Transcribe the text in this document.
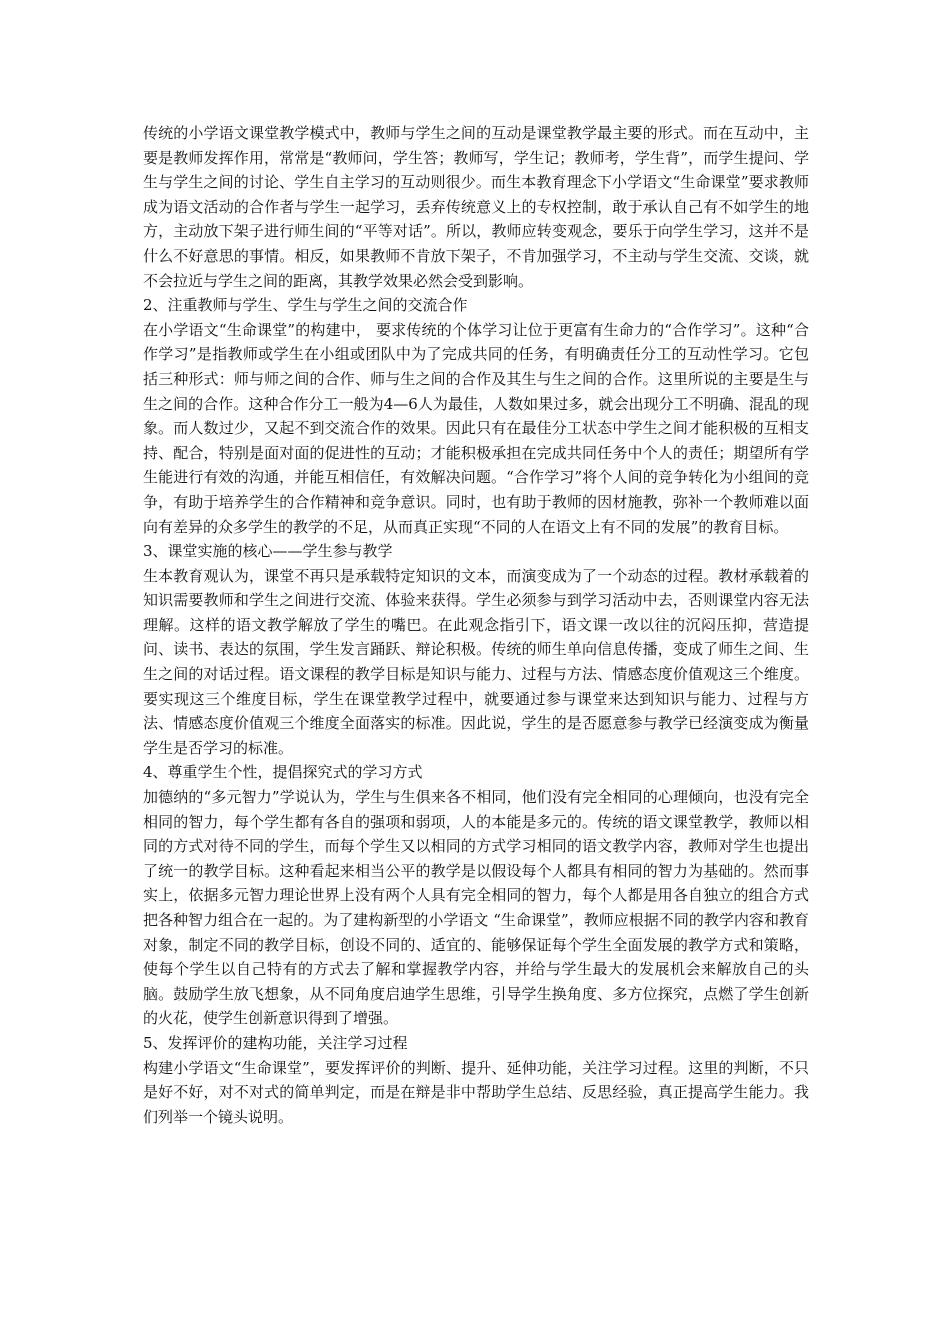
传统的小学语文课堂教学模式中，教师与学生之间的互动是课堂教学最主要的形式。而在互动中，主要是教师发挥作用，常常是“教师问，学生答；教师写，学生记；教师考，学生背”，而学生提问、学生与学生之间的讨论、学生自主学习的互动则很少。而生本教育理念下小学语文“生命课堂”要求教师成为语文活动的合作者与学生一起学习，丢弃传统意义上的专权控制，敢于承认自己有不如学生的地方，主动放下架子进行师生间的“平等对话”。所以，教师应转变观念，要乐于向学生学习，这并不是什么不好意思的事情。相反，如果教师不肯放下架子，不肯加强学习，不主动与学生交流、交谈，就不会拉近与学生之间的距离，其教学效果必然会受到影响。

2、注重教师与学生、学生与学生之间的交流合作

在小学语文“生命课堂”的构建中， 要求传统的个体学习让位于更富有生命力的“合作学习”。这种“合作学习”是指教师或学生在小组或团队中为了完成共同的任务，有明确责任分工的互动性学习。它包括三种形式：师与师之间的合作、师与生之间的合作及其生与生之间的合作。这里所说的主要是生与生之间的合作。这种合作分工一般为4—6人为最佳，人数如果过多，就会出现分工不明确、混乱的现象。而人数过少，又起不到交流合作的效果。因此只有在最佳分工状态中学生之间才能积极的互相支持、配合，特别是面对面的促进性的互动；才能积极承担在完成共同任务中个人的责任；期望所有学生能进行有效的沟通，并能互相信任，有效解决问题。“合作学习”将个人间的竞争转化为小组间的竞争，有助于培养学生的合作精神和竞争意识。同时，也有助于教师的因材施教，弥补一个教师难以面向有差异的众多学生的教学的不足，从而真正实现“不同的人在语文上有不同的发展”的教育目标。

3、课堂实施的核心——学生参与教学

生本教育观认为，课堂不再只是承载特定知识的文本，而演变成为了一个动态的过程。教材承载着的知识需要教师和学生之间进行交流、体验来获得。学生必须参与到学习活动中去，否则课堂内容无法理解。这样的语文教学解放了学生的嘴巴。在此观念指引下，语文课一改以往的沉闷压抑，营造提问、读书、表达的氛围，学生发言踊跃、辩论积极。传统的师生单向信息传播，变成了师生之间、生生之间的对话过程。语文课程的教学目标是知识与能力、过程与方法、情感态度价值观这三个维度。要实现这三个维度目标，学生在课堂教学过程中，就要通过参与课堂来达到知识与能力、过程与方法、情感态度价值观三个维度全面落实的标准。因此说，学生的是否愿意参与教学已经演变成为衡量学生是否学习的标准。

4、尊重学生个性，提倡探究式的学习方式

加德纳的“多元智力”学说认为，学生与生俱来各不相同，他们没有完全相同的心理倾向，也没有完全相同的智力，每个学生都有各自的强项和弱项，人的本能是多元的。传统的语文课堂教学，教师以相同的方式对待不同的学生，而每个学生又以相同的方式学习相同的语文教学内容，教师对学生也提出了统一的教学目标。这种看起来相当公平的教学是以假设每个人都具有相同的智力为基础的。然而事实上，依据多元智力理论世界上没有两个人具有完全相同的智力，每个人都是用各自独立的组合方式把各种智力组合在一起的。为了建构新型的小学语文 “生命课堂”，教师应根据不同的教学内容和教育对象，制定不同的教学目标，创设不同的、适宜的、能够保证每个学生全面发展的教学方式和策略，使每个学生以自己特有的方式去了解和掌握教学内容，并给与学生最大的发展机会来解放自己的头脑。鼓励学生放飞想象，从不同角度启迪学生思维，引导学生换角度、多方位探究，点燃了学生创新的火花，使学生创新意识得到了增强。

5、发挥评价的建构功能，关注学习过程

构建小学语文“生命课堂”，要发挥评价的判断、提升、延伸功能，关注学习过程。这里的判断，不只是好不好，对不对式的简单判定，而是在辩是非中帮助学生总结、反思经验，真正提高学生能力。我们列举一个镜头说明。
